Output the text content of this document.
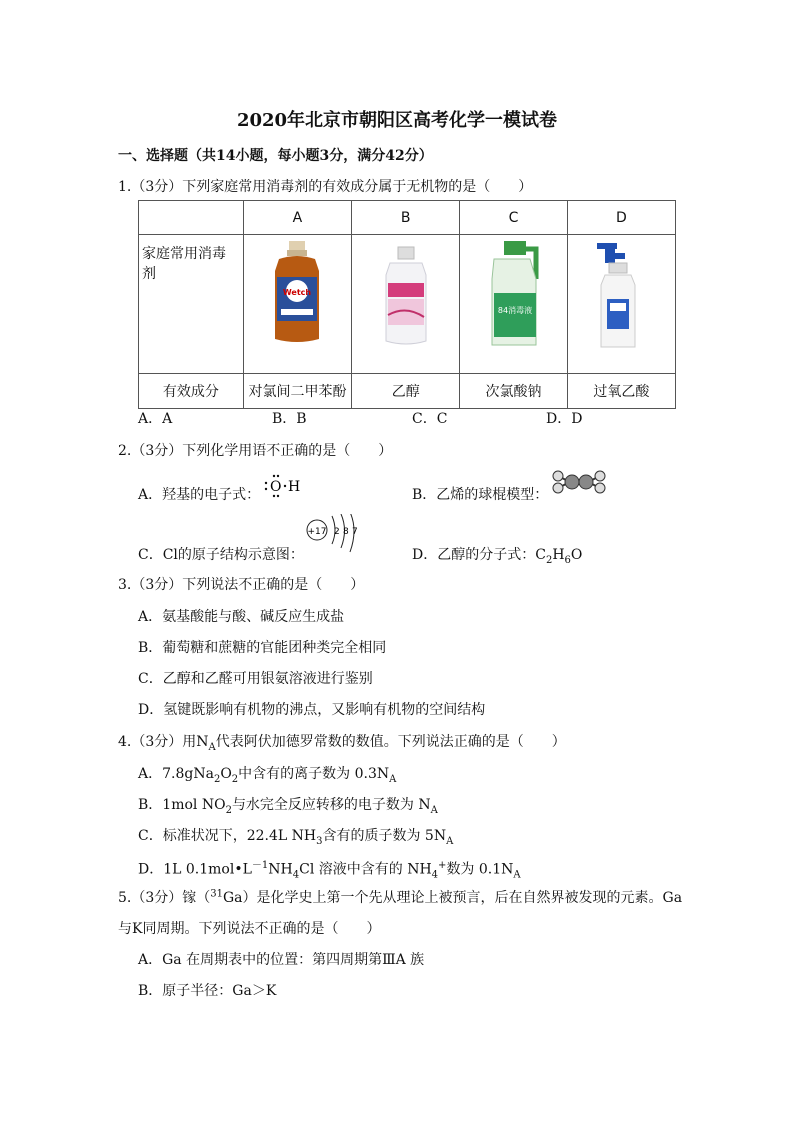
2020年北京市朝阳区高考化学一模试卷
一、选择题（共14小题，每小题3分，满分42分）
1.（3分）下列家庭常用消毒剂的有效成分属于无机物的是（　　）
	A	B	C	D
家庭常用消毒剂	Wetch		84消毒液

有效成分	对氯间二甲苯酚	乙醇	次氯酸钠	过氧乙酸
A．A	B．B	C．C	D．D
2.（3分）下列化学用语不正确的是（　　）
A．羟基的电子式： O H	B．乙烯的球棍模型：
C．Cl的原子结构示意图：
+17 2 8 7
D．乙醇的分子式：$C_2H_6O$
3.（3分）下列说法不正确的是（　　）
A．氨基酸能与酸、碱反应生成盐
B．葡萄糖和蔗糖的官能团种类完全相同
C．乙醇和乙醛可用银氨溶液进行鉴别
D．氢键既影响有机物的沸点，又影响有机物的空间结构
4.（3分）用$N_A$代表阿伏加德罗常数的数值。下列说法正确的是（　　）
A．$7.8gNa_2O_2$中含有的离子数为 $0.3N_A$
B．1mol $NO_2$与水完全反应转移的电子数为 $N_A$
C．标准状况下，22.4L $NH_3$含有的质子数为 $5N_A$
D．1L $0.1mol•L^{-1}NH_4Cl$ 溶液中含有的 $NH_4^+$数为 $0.1N_A$
5.（3分）镓（$^{31}$Ga）是化学史上第一个先从理论上被预言，后在自然界被发现的元素。Ga
与K同周期。下列说法不正确的是（　　）
A．Ga 在周期表中的位置：第四周期第ⅢA 族
B．原子半径：Ga＞K
